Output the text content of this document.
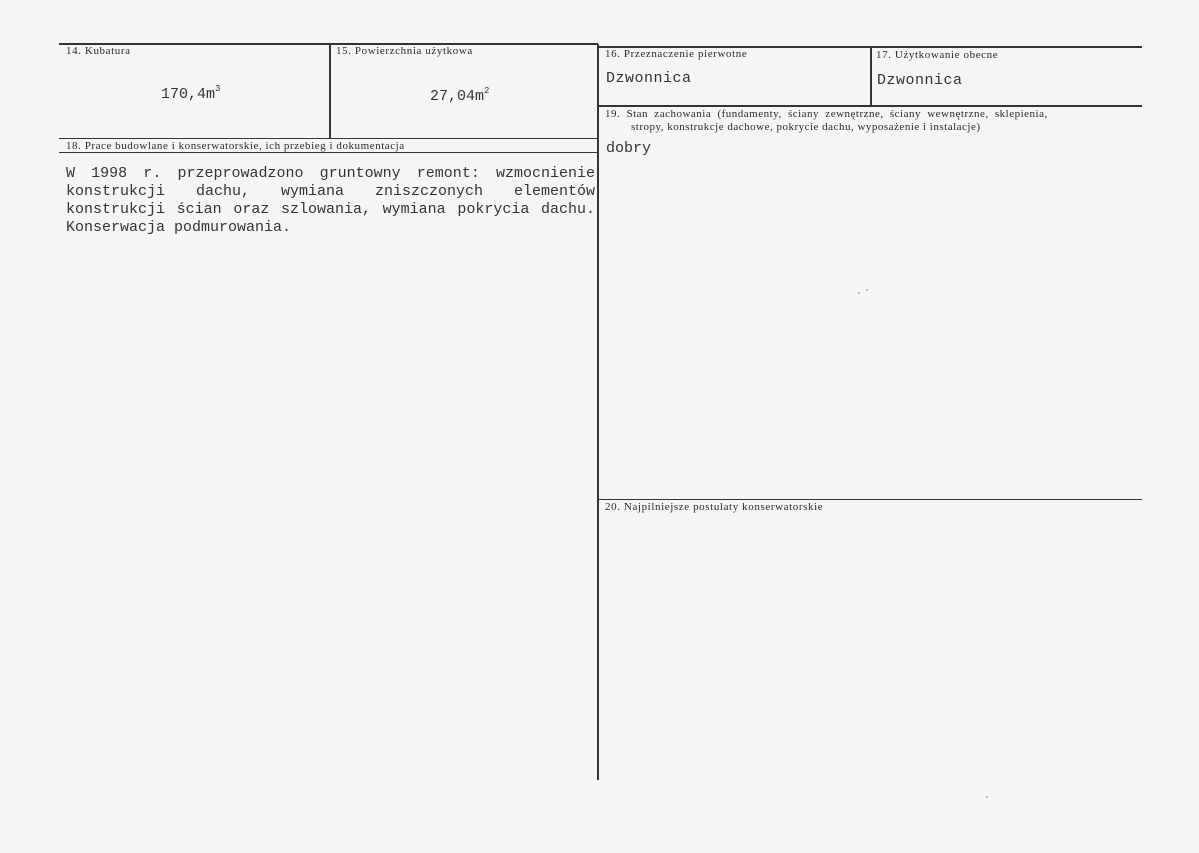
14. Kubatura
$170,4m^3$
15. Powierzchnia użytkowa
$27,04m^2$
16. Przeznaczenie pierwotne
Dzwonnica
17. Użytkowanie obecne
Dzwonnica
18. Prace budowlane i konserwatorskie, ich przebieg i dokumentacja
W 1998 r. przeprowadzono gruntowny remont: wzmocnienie konstrukcji dachu, wymiana zniszczonych elementów konstrukcji ścian oraz szlowania, wymiana pokrycia dachu. Konserwacja podmurowania.
19. Stan zachowania (fundamenty, ściany zewnętrzne, ściany wewnętrzne, sklepienia,
stropy, konstrukcje dachowe, pokrycie dachu, wyposażenie i instalacje)
dobry
20. Najpilniejsze postulaty konserwatorskie
